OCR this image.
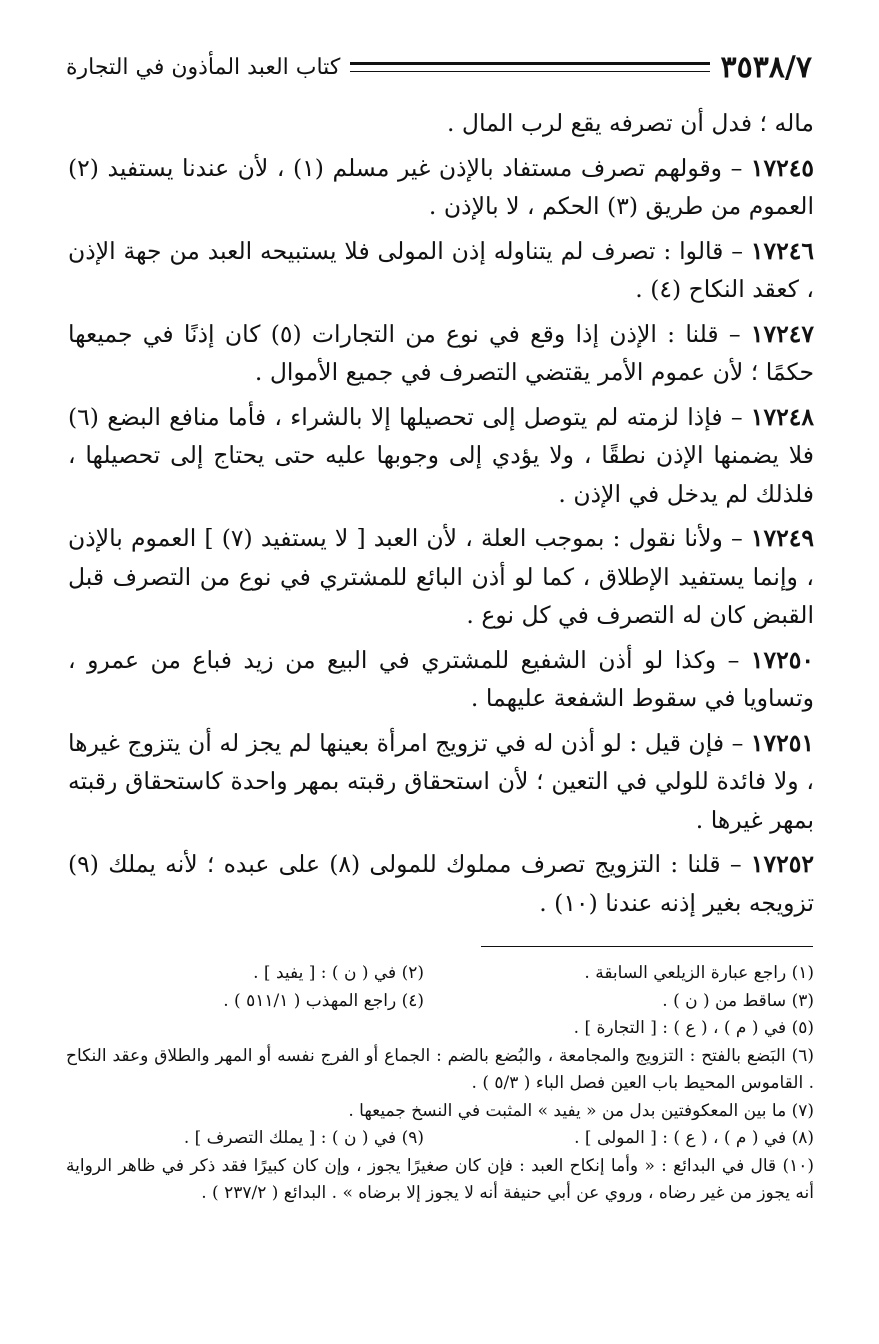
٣٥٣٨/٧
كتاب العبد المأذون في التجارة

ماله ؛ فدل أن تصرفه يقع لرب المال .

١٧٢٤٥ – وقولهم تصرف مستفاد بالإذن غير مسلم (١) ، لأن عندنا يستفيد (٢) العموم من طريق (٣) الحكم ، لا بالإذن .

١٧٢٤٦ – قالوا : تصرف لم يتناوله إذن المولى فلا يستبيحه العبد من جهة الإذن ، كعقد النكاح (٤) .

١٧٢٤٧ – قلنا : الإذن إذا وقع في نوع من التجارات (٥) كان إذنًا في جميعها حكمًا ؛ لأن عموم الأمر يقتضي التصرف في جميع الأموال .

١٧٢٤٨ – فإذا لزمته لم يتوصل إلى تحصيلها إلا بالشراء ، فأما منافع البضع (٦) فلا يضمنها الإذن نطقًا ، ولا يؤدي إلى وجوبها عليه حتى يحتاج إلى تحصيلها ، فلذلك لم يدخل في الإذن .

١٧٢٤٩ – ولأنا نقول : بموجب العلة ، لأن العبد [ لا يستفيد (٧) ] العموم بالإذن ، وإنما يستفيد الإطلاق ، كما لو أذن البائع للمشتري في نوع من التصرف قبل القبض كان له التصرف في كل نوع .

١٧٢٥٠ – وكذا لو أذن الشفيع للمشتري في البيع من زيد فباع من عمرو ، وتساويا في سقوط الشفعة عليهما .

١٧٢٥١ – فإن قيل : لو أذن له في تزويج امرأة بعينها لم يجز له أن يتزوج غيرها ، ولا فائدة للولي في التعين ؛ لأن استحقاق رقبته بمهر واحدة كاستحقاق رقبته بمهر غيرها .

١٧٢٥٢ – قلنا : التزويج تصرف مملوك للمولى (٨) على عبده ؛ لأنه يملك (٩) تزويجه بغير إذنه عندنا (١٠) .

(١) راجع عبارة الزيلعي السابقة .
(٢) في ( ن ) : [ يفيد ] .
(٣) ساقط من ( ن ) .
(٤) راجع المهذب ( ٥١١/١ ) .
(٥) في ( م ) ، ( ع ) : [ التجارة ] .
(٦) البَضع بالفتح : التزويج والمجامعة ، والبُضع بالضم : الجماع أو الفرج نفسه أو المهر والطلاق وعقد النكاح . القاموس المحيط باب العين فصل الباء ( ٥/٣ ) .
(٧) ما بين المعكوفتين بدل من « يفيد » المثبت في النسخ جميعها .
(٨) في ( م ) ، ( ع ) : [ المولى ] .
(٩) في ( ن ) : [ يملك التصرف ] .
(١٠) قال في البدائع : « وأما إنكاح العبد : فإن كان صغيرًا يجوز ، وإن كان كبيرًا فقد ذكر في ظاهر الرواية أنه يجوز من غير رضاه ، وروي عن أبي حنيفة أنه لا يجوز إلا برضاه » . البدائع ( ٢٣٧/٢ ) .
